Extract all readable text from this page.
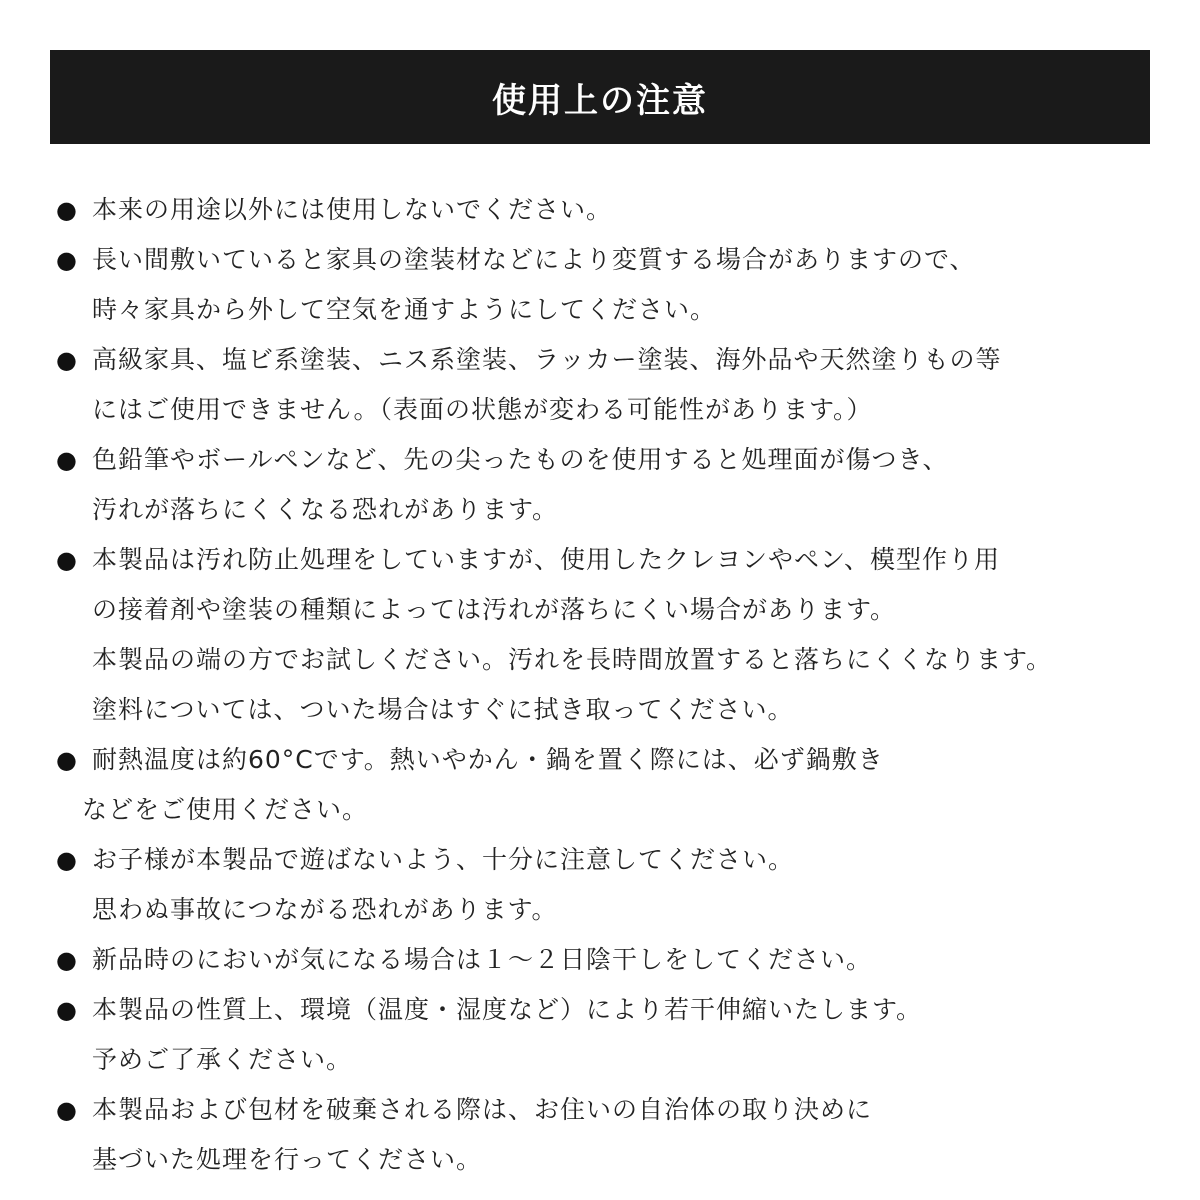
使用上の注意
● 本来の用途以外には使用しないでください。
● 長い間敷いていると家具の塗装材などにより変質する場合がありますので、
時々家具から外して空気を通すようにしてください。
● 高級家具、塩ビ系塗装、ニス系塗装、ラッカー塗装、海外品や天然塗りもの等
にはご使用できません。（表面の状態が変わる可能性があります。）
● 色鉛筆やボールペンなど、先の尖ったものを使用すると処理面が傷つき、
汚れが落ちにくくなる恐れがあります。
● 本製品は汚れ防止処理をしていますが、使用したクレヨンやペン、模型作り用
の接着剤や塗装の種類によっては汚れが落ちにくい場合があります。
本製品の端の方でお試しください。汚れを長時間放置すると落ちにくくなります。
塗料については、ついた場合はすぐに拭き取ってください。
● 耐熱温度は約60°Cです。熱いやかん・鍋を置く際には、必ず鍋敷き
などをご使用ください。
● お子様が本製品で遊ばないよう、十分に注意してください。
思わぬ事故につながる恐れがあります。
● 新品時のにおいが気になる場合は１～２日陰干しをしてください。
● 本製品の性質上、環境（温度・湿度など）により若干伸縮いたします。
予めご了承ください。
● 本製品および包材を破棄される際は、お住いの自治体の取り決めに
基づいた処理を行ってください。
